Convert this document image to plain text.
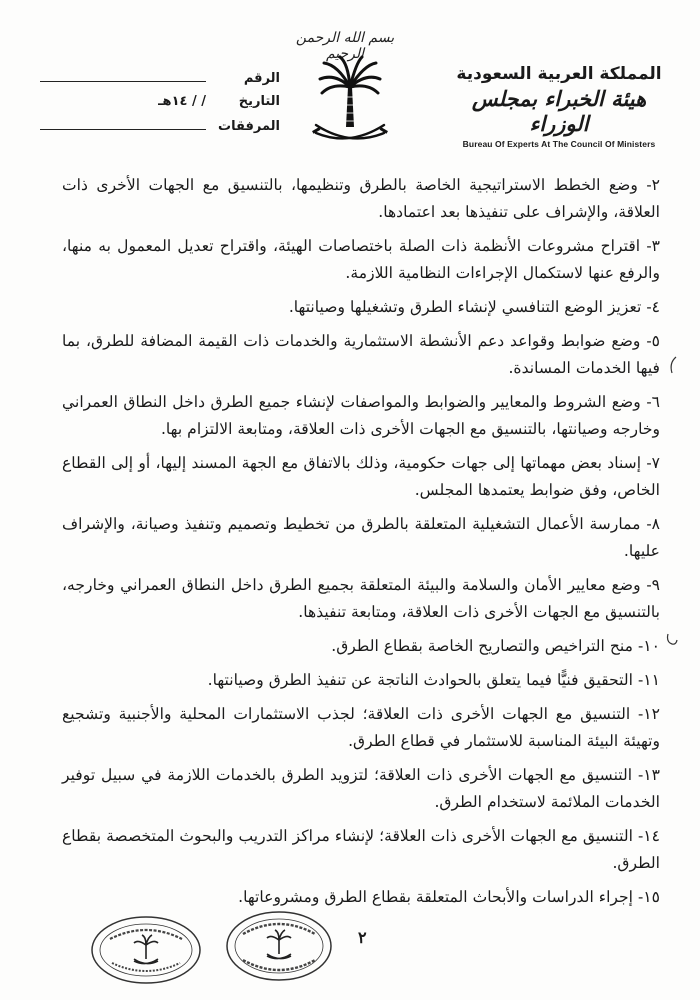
بسم الله الرحمن الرحيم
الرقم
التاريخ
/ / ١٤هـ
المرفقات
المملكة العربية السعودية
هيئة الخبراء بمجلس الوزراء
Bureau Of Experts At The Council Of Ministers
٢- وضع الخطط الاستراتيجية الخاصة بالطرق وتنظيمها، بالتنسيق مع الجهات الأخرى ذات العلاقة، والإشراف على تنفيذها بعد اعتمادها.
٣- اقتراح مشروعات الأنظمة ذات الصلة باختصاصات الهيئة، واقتراح تعديل المعمول به منها، والرفع عنها لاستكمال الإجراءات النظامية اللازمة.
٤- تعزيز الوضع التنافسي لإنشاء الطرق وتشغيلها وصيانتها.
٥- وضع ضوابط وقواعد دعم الأنشطة الاستثمارية والخدمات ذات القيمة المضافة للطرق، بما فيها الخدمات المساندة.
٦- وضع الشروط والمعايير والضوابط والمواصفات لإنشاء جميع الطرق داخل النطاق العمراني وخارجه وصيانتها، بالتنسيق مع الجهات الأخرى ذات العلاقة، ومتابعة الالتزام بها.
٧- إسناد بعض مهماتها إلى جهات حكومية، وذلك بالاتفاق مع الجهة المسند إليها، أو إلى القطاع الخاص، وفق ضوابط يعتمدها المجلس.
٨- ممارسة الأعمال التشغيلية المتعلقة بالطرق من تخطيط وتصميم وتنفيذ وصيانة، والإشراف عليها.
٩- وضع معايير الأمان والسلامة والبيئة المتعلقة بجميع الطرق داخل النطاق العمراني وخارجه، بالتنسيق مع الجهات الأخرى ذات العلاقة، ومتابعة تنفيذها.
١٠- منح التراخيص والتصاريح الخاصة بقطاع الطرق.
١١- التحقيق فنيًّا فيما يتعلق بالحوادث الناتجة عن تنفيذ الطرق وصيانتها.
١٢- التنسيق مع الجهات الأخرى ذات العلاقة؛ لجذب الاستثمارات المحلية والأجنبية وتشجيع وتهيئة البيئة المناسبة للاستثمار في قطاع الطرق.
١٣- التنسيق مع الجهات الأخرى ذات العلاقة؛ لتزويد الطرق بالخدمات اللازمة في سبيل توفير الخدمات الملائمة لاستخدام الطرق.
١٤- التنسيق مع الجهات الأخرى ذات العلاقة؛ لإنشاء مراكز التدريب والبحوث المتخصصة بقطاع الطرق.
١٥- إجراء الدراسات والأبحاث المتعلقة بقطاع الطرق ومشروعاتها.
٢
